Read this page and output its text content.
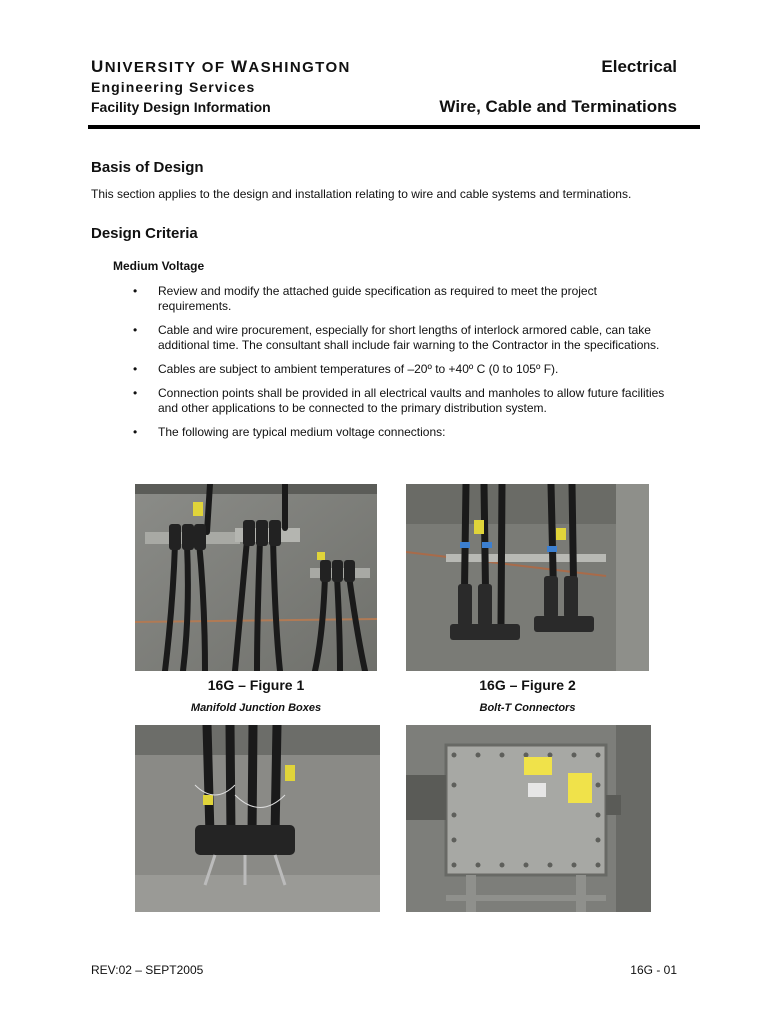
UNIVERSITY OF WASHINGTON
Engineering Services
Facility Design Information
Electrical
Wire, Cable and Terminations
Basis of Design
This section applies to the design and installation relating to wire and cable systems and terminations.
Design Criteria
Medium Voltage
• Review and modify the attached guide specification as required to meet the project requirements.
• Cable and wire procurement, especially for short lengths of interlock armored cable, can take additional time. The consultant shall include fair warning to the Contractor in the specifications.
• Cables are subject to ambient temperatures of –20º to +40º C (0 to 105º F).
• Connection points shall be provided in all electrical vaults and manholes to allow future facilities and other applications to be connected to the primary distribution system.
• The following are typical medium voltage connections:
16G – Figure 1
Manifold Junction Boxes
16G – Figure 2
Bolt-T Connectors
REV:02 – SEPT2005	16G - 01
